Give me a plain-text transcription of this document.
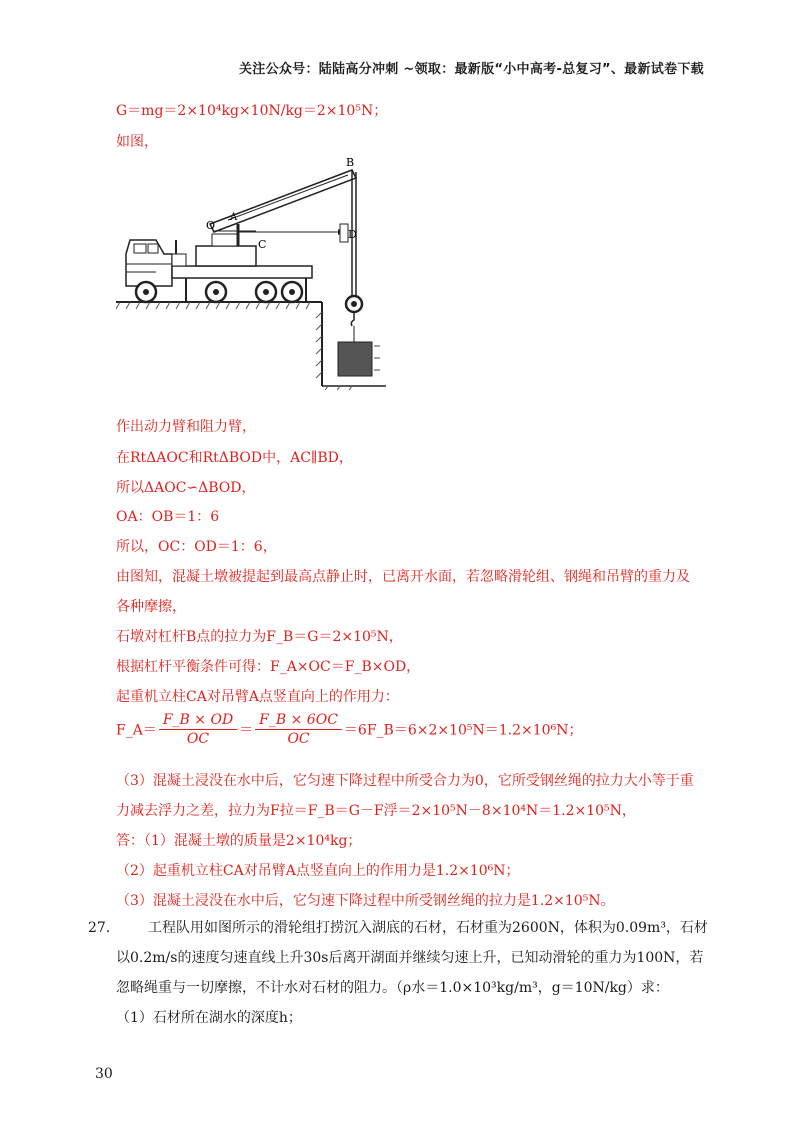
关注公众号：陆陆高分冲刺 ~领取：最新版“小中高考-总复习”、最新试卷下载
G＝mg＝2×10⁴kg×10N/kg＝2×10⁵N；
如图，
B
O
A
C
D
作出动力臂和阻力臂，
在RtΔAOC和RtΔBOD中，AC∥BD，
所以ΔAOC∽ΔBOD，
OA：OB＝1：6
所以，OC：OD＝1：6，
由图知，混凝土墩被提起到最高点静止时，已离开水面，若忽略滑轮组、钢绳和吊臂的重力及
各种摩擦，
石墩对杠杆B点的拉力为F_B＝G＝2×10⁵N，
根据杠杆平衡条件可得：F_A×OC＝F_B×OD，
起重机立柱CA对吊臂A点竖直向上的作用力：
F_A＝ $\frac{F\_B \times OD}{OC} = \frac{F\_B \times 6OC}{OC}$ ＝6F_B＝6×2×10⁵N＝1.2×10⁶N；
（3）混凝土浸没在水中后，它匀速下降过程中所受合力为0，它所受钢丝绳的拉力大小等于重
力减去浮力之差，拉力为F拉＝F_B＝G－F浮＝2×10⁵N－8×10⁴N＝1.2×10⁵N，
答：（1）混凝土墩的质量是2×10⁴kg；
（2）起重机立柱CA对吊臂A点竖直向上的作用力是1.2×10⁶N；
（3）混凝土浸没在水中后，它匀速下降过程中所受钢丝绳的拉力是1.2×10⁵N。
27.	工程队用如图所示的滑轮组打捞沉入湖底的石材，石材重为2600N，体积为0.09m³，石材
以0.2m/s的速度匀速直线上升30s后离开湖面并继续匀速上升，已知动滑轮的重力为100N，若
忽略绳重与一切摩擦，不计水对石材的阻力。（ρ水＝1.0×10³kg/m³，g＝10N/kg）求：
（1）石材所在湖水的深度h；
30
